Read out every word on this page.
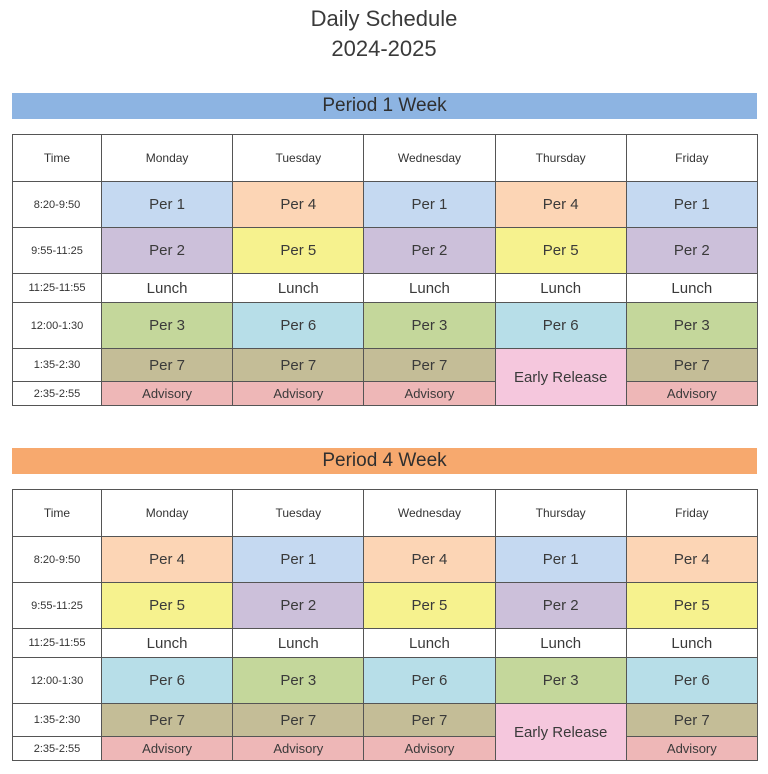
Daily Schedule
2024-2025
Period 1 Week
Time	Monday	Tuesday	Wednesday	Thursday	Friday
8:20-9:50	Per 1	Per 4	Per 1	Per 4	Per 1
9:55-11:25	Per 2	Per 5	Per 2	Per 5	Per 2
11:25-11:55	Lunch	Lunch	Lunch	Lunch	Lunch
12:00-1:30	Per 3	Per 6	Per 3	Per 6	Per 3
1:35-2:30	Per 7	Per 7	Per 7	Early Release	Per 7
2:35-2:55	Advisory	Advisory	Advisory		Advisory
Period 4 Week
Time	Monday	Tuesday	Wednesday	Thursday	Friday
8:20-9:50	Per 4	Per 1	Per 4	Per 1	Per 4
9:55-11:25	Per 5	Per 2	Per 5	Per 2	Per 5
11:25-11:55	Lunch	Lunch	Lunch	Lunch	Lunch
12:00-1:30	Per 6	Per 3	Per 6	Per 3	Per 6
1:35-2:30	Per 7	Per 7	Per 7	Early Release	Per 7
2:35-2:55	Advisory	Advisory	Advisory		Advisory
